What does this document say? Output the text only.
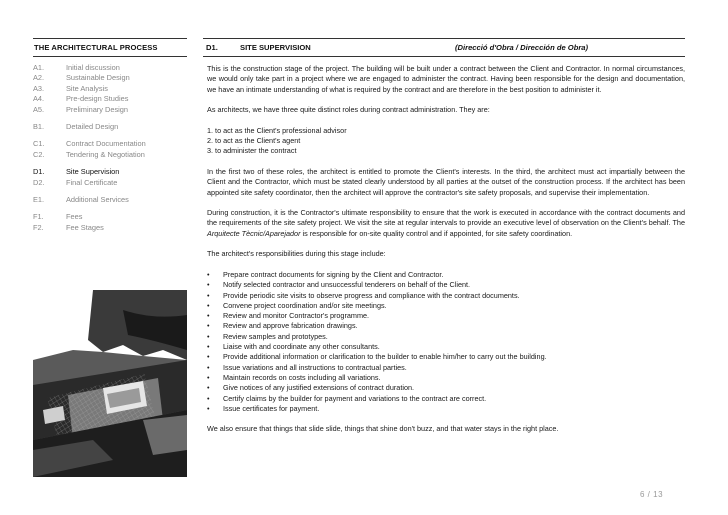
THE ARCHITECTURAL PROCESS
A1.	Initial discussion
A2.	Sustainable Design
A3.	Site Analysis
A4.	Pre-design Studies
A5.	Preliminary Design
B1.	Detailed Design
C1.	Contract Documentation
C2.	Tendering & Negotiation
D1.	Site Supervision
D2.	Final Certificate
E1.	Additional Services
F1.	Fees
F2.	Fee Stages
D1.	SITE SUPERVISION	(Direcció d'Obra / Dirección de Obra)

This is the construction stage of the project. The building will be built under a contract between the Client and Contractor. In normal circumstances, we would only take part in a project where we are engaged to administer the contract. Having been responsible for the design and documentation, we have an intimate understanding of what is required by the contract and are therefore in the best position to administer it.

As architects, we have three quite distinct roles during contract administration. They are:

1. to act as the Client's professional advisor
2. to act as the Client's agent
3. to administer the contract

In the first two of these roles, the architect is entitled to promote the Client's interests. In the third, the architect must act impartially between the Client and the Contractor, which must be stated clearly understood by all parties at the outset of the construction process. If the architect has been appointed site safety coordinator, then the architect will approve the contractor's site safety proposals, and supervise their implementation.

During construction, it is the Contractor's ultimate responsibility to ensure that the work is executed in accordance with the contract documents and the requirements of the site safety project. We visit the site at regular intervals to provide an executive level of observation on the Client's behalf. The Arquitecte Tècnic/Aparejador is responsible for on-site quality control and if appointed, for site safety coordination.

The architect's responsibilities during this stage include:

• Prepare contract documents for signing by the Client and Contractor.
• Notify selected contractor and unsuccessful tenderers on behalf of the Client.
• Provide periodic site visits to observe progress and compliance with the contract documents.
• Convene project coordination and/or site meetings.
• Review and monitor Contractor's programme.
• Review and approve fabrication drawings.
• Review samples and prototypes.
• Liaise with and coordinate any other consultants.
• Provide additional information or clarification to the builder to enable him/her to carry out the building.
• Issue variations and all instructions to contractual parties.
• Maintain records on costs including all variations.
• Give notices of any justified extensions of contract duration.
• Certify claims by the builder for payment and variations to the contract are correct.
• Issue certificates for payment.

We also ensure that things that slide slide, things that shine don't buzz, and that water stays in the right place.

6 / 13
